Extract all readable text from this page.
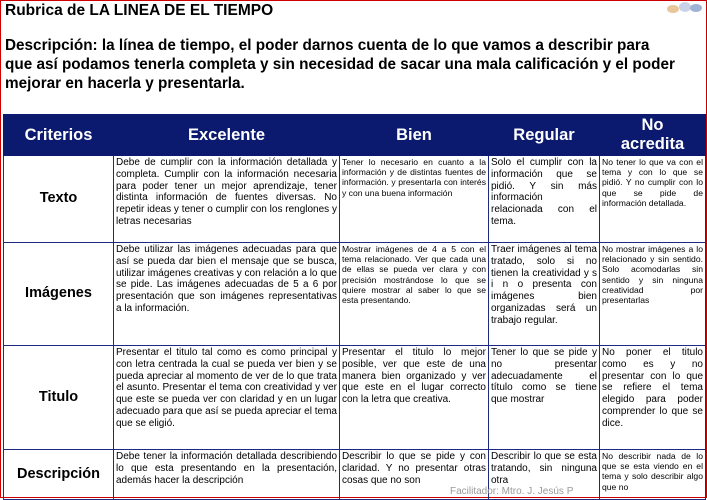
Rubrica de LA LINEA DE EL TIEMPO
Descripción: la línea de tiempo, el poder darnos cuenta de lo que vamos a describir para
que así podamos tenerla completa y sin necesidad de sacar una mala calificación y el poder
mejorar en hacerla y presentarla.
Criterios	Excelente	Bien	Regular	No acredita
Texto	Debe de cumplir con la información detallada y completa. Cumplir con la información necesaria para poder tener un mejor aprendizaje, tener distinta información de fuentes diversas. No repetir ideas y tener o cumplir con los renglones y letras necesarias	Tener lo necesario en cuanto a la información y de distintas fuentes de información. y presentarla con interés y con una buena información	Solo el cumplir con la información que se pidió. Y sin más información relacionada con el tema.	No tener lo que va con el tema y con lo que se pidió. Y no cumplir con lo que se pide de información detallada.
Imágenes	Debe utilizar las imágenes adecuadas para que así se pueda dar bien el mensaje que se busca, utilizar imágenes creativas y con relación a lo que se pide. Las imágenes adecuadas de 5 a 6 por presentación que son imágenes representativas a la información.	Mostrar imágenes de 4 a 5 con el tema relacionado. Ver que cada una de ellas se pueda ver clara y con precisión mostrándose lo que se quiere mostrar al saber lo que se esta presentando.	Traer imágenes al tema tratado, solo si no tienen la creatividad y s i n o presenta con imágenes bien organizadas será un trabajo regular.	No mostrar imágenes a lo relacionado y sin sentido. Solo acomodarlas sin sentido y sin ninguna creatividad por presentarlas
Titulo	Presentar el titulo tal como es como principal y con letra centrada la cual se pueda ver bien y se pueda apreciar al momento de ver de lo que trata el asunto. Presentar el tema con creatividad y ver que este se pueda ver con claridad y en un lugar adecuado para que así se pueda apreciar el tema que se eligió.	Presentar el titulo lo mejor posible, ver que este de una manera bien organizado y ver que este en el lugar correcto con la letra que creativa.	Tener lo que se pide y no presentar adecuadamente el título como se tiene que mostrar	No poner el titulo como es y no presentar con lo que se refiere el tema elegido para poder comprender lo que se dice.
Descripción	Debe tener la información detallada describiendo lo que esta presentando en la presentación, además hacer la descripción	Describir lo que se pide y con claridad. Y no presentar otras cosas que no son	Describir lo que se esta tratando, sin ninguna otra	No describir nada de lo que se esta viendo en el tema y solo describir algo que no
Facilitador: Mtro. J. Jesús P
